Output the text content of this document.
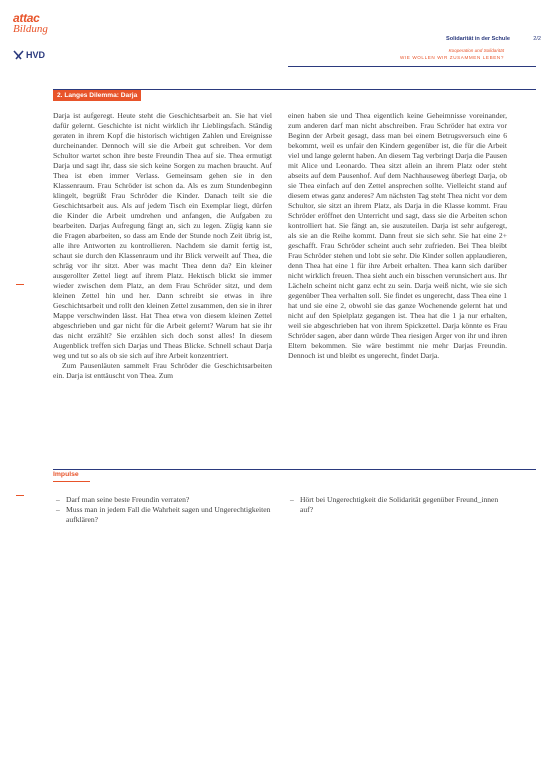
attac
Bildung
HVD
Solidarität in der Schule	2/2
Kooperation und Solidarität
WIE WOLLEN WIR ZUSAMMEN LEBEN?
2. Langes Dilemma: Darja

Darja ist aufgeregt. Heute steht die Geschichtsarbeit an. Sie hat viel dafür gelernt. Geschichte ist nicht wirklich ihr Lieblingsfach. Ständig geraten in ihrem Kopf die historisch wichtigen Zahlen und Ereignisse durcheinander. Dennoch will sie die Arbeit gut schreiben. Vor dem Schultor wartet schon ihre beste Freundin Thea auf sie. Thea ermutigt Darja und sagt ihr, dass sie sich keine Sorgen zu machen braucht. Auf Thea ist eben immer Verlass. Gemeinsam gehen sie in den Klassenraum. Frau Schröder ist schon da. Als es zum Stundenbeginn klingelt, begrüßt Frau Schröder die Kinder. Danach teilt sie die Geschichtsarbeit aus. Als auf jedem Tisch ein Exemplar liegt, dürfen die Kinder die Arbeit umdrehen und anfangen, die Aufgaben zu bearbeiten. Darjas Aufregung fängt an, sich zu legen. Zügig kann sie die Fragen abarbeiten, so dass am Ende der Stunde noch Zeit übrig ist, alle ihre Antworten zu kontrollieren. Nachdem sie damit fertig ist, schaut sie durch den Klassenraum und ihr Blick verweilt auf Thea, die schräg vor ihr sitzt. Aber was macht Thea denn da? Ein kleiner ausgerollter Zettel liegt auf ihrem Platz. Hektisch blickt sie immer wieder zwischen dem Platz, an dem Frau Schröder sitzt, und dem kleinen Zettel hin und her. Dann schreibt sie etwas in ihre Geschichtsarbeit und rollt den kleinen Zettel zusammen, den sie in ihrer Mappe verschwinden lässt. Hat Thea etwa von diesem kleinen Zettel abgeschrieben und gar nicht für die Arbeit gelernt? Warum hat sie ihr das nicht erzählt? Sie erzählen sich doch sonst alles! In diesem Augenblick treffen sich Darjas und Theas Blicke. Schnell schaut Darja weg und tut so als ob sie sich auf ihre Arbeit konzentriert.

Zum Pausenläuten sammelt Frau Schröder die Geschichtsarbeiten ein. Darja ist enttäuscht von Thea. Zum

einen haben sie und Thea eigentlich keine Geheimnisse voreinander, zum anderen darf man nicht abschreiben. Frau Schröder hat extra vor Beginn der Arbeit gesagt, dass man bei einem Betrugsversuch eine 6 bekommt, weil es unfair den Kindern gegenüber ist, die für die Arbeit viel und lange gelernt haben. An diesem Tag verbringt Darja die Pausen mit Alice und Leonardo. Thea sitzt allein an ihrem Platz oder steht abseits auf dem Pausenhof. Auf dem Nachhauseweg überlegt Darja, ob sie Thea einfach auf den Zettel ansprechen sollte. Vielleicht stand auf diesem etwas ganz anderes? Am nächsten Tag steht Thea nicht vor dem Schultor, sie sitzt an ihrem Platz, als Darja in die Klasse kommt. Frau Schröder eröffnet den Unterricht und sagt, dass sie die Arbeiten schon kontrolliert hat. Sie fängt an, sie auszuteilen. Darja ist sehr aufgeregt, als sie an die Reihe kommt. Dann freut sie sich sehr. Sie hat eine 2+ geschafft. Frau Schröder scheint auch sehr zufrieden. Bei Thea bleibt Frau Schröder stehen und lobt sie sehr. Die Kinder sollen applaudieren, denn Thea hat eine 1 für ihre Arbeit erhalten. Thea kann sich darüber nicht wirklich freuen. Thea sieht auch ein bisschen verunsichert aus. Ihr Lächeln scheint nicht ganz echt zu sein. Darja weiß nicht, wie sie sich gegenüber Thea verhalten soll. Sie findet es ungerecht, dass Thea eine 1 hat und sie eine 2, obwohl sie das ganze Wochenende gelernt hat und nicht auf den Spielplatz gegangen ist. Thea hat die 1 ja nur erhalten, weil sie abgeschrieben hat von ihrem Spickzettel. Darja könnte es Frau Schröder sagen, aber dann würde Thea riesigen Ärger von ihr und ihren Eltern bekommen. Sie wäre bestimmt nie mehr Darjas Freundin. Dennoch ist und bleibt es ungerecht, findet Darja.

Impulse
– Darf man seine beste Freundin verraten?
– Muss man in jedem Fall die Wahrheit sagen und Ungerechtigkeiten aufklären?
– Hört bei Ungerechtigkeit die Solidarität gegenüber Freund_innen auf?
